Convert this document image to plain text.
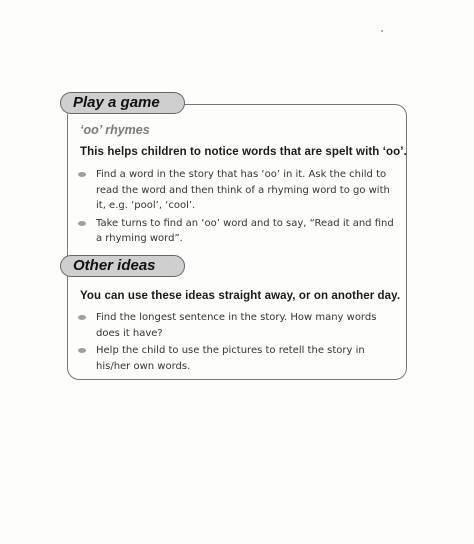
Play a game
‘oo’ rhymes
This helps children to notice words that are spelt with ‘oo’.
Find a word in the story that has ‘oo’ in it. Ask the child to read the word and then think of a rhyming word to go with it, e.g. ‘pool’, ‘cool’.
Take turns to find an ‘oo’ word and to say, “Read it and find a rhyming word”.
Other ideas
You can use these ideas straight away, or on another day.
Find the longest sentence in the story. How many words does it have?
Help the child to use the pictures to retell the story in his/her own words.
